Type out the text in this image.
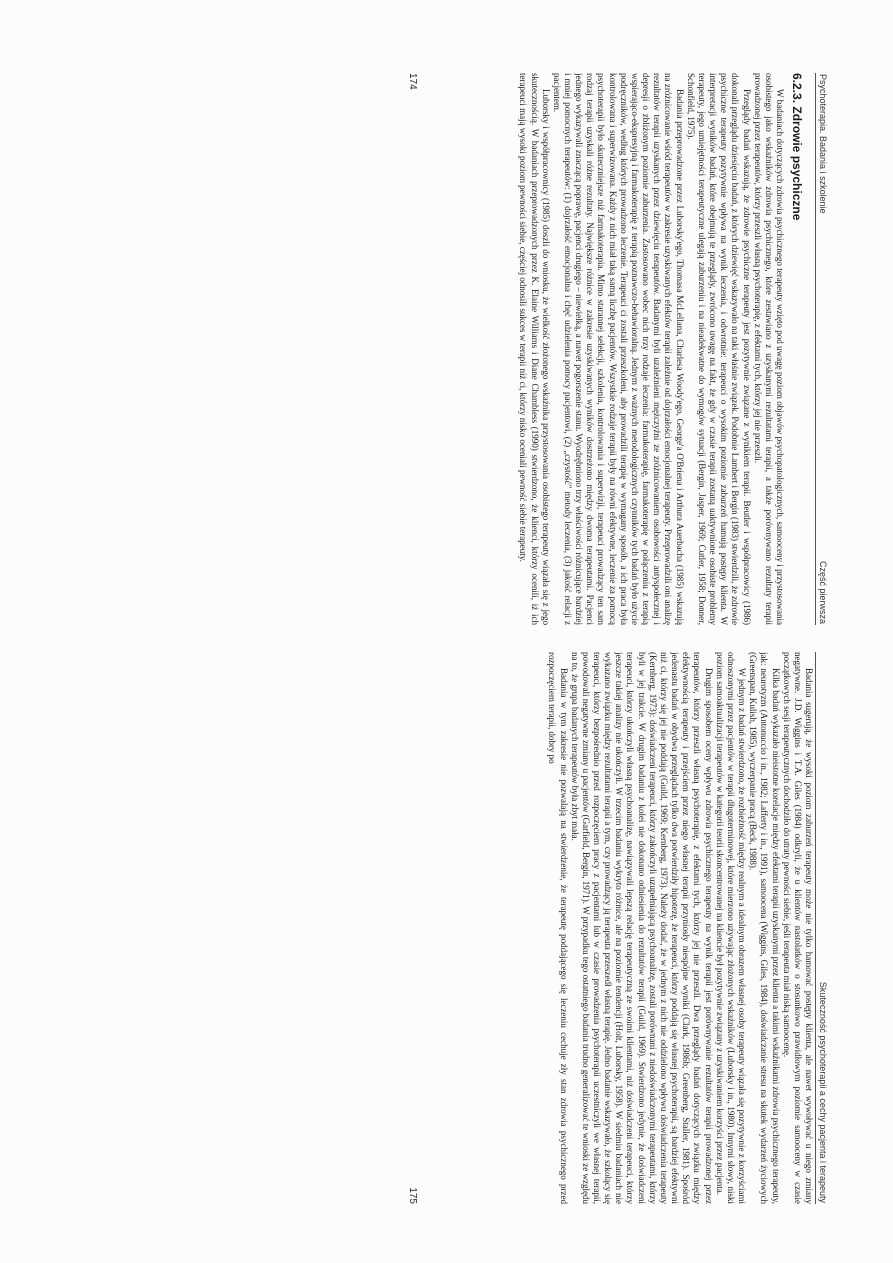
Psychoterapia. Badania i szkolenie
Część pierwsza
6.2.3. Zdrowie psychiczne

W badaniach dotyczących zdrowia psychicznego terapeuty wzięto pod uwagę poziom objawów psychopatologicznych, samooceny i przystosowania osobistego jako wskaźników zdrowia psychicznego, które zestawiano z uzyskanymi rezultatami terapii, a także porównywano rezultaty terapii prowadzonej przez terapeutów, którzy przeszli własną psychoterapię, z efektami tych, którzy jej nie przeszli.

Przeglądy badań wskazują, że zdrowie psychiczne terapeuty jest pozytywnie związane z wynikiem terapii. Beutler i współpracowicy (1986) dokonali przeglądu dziesięciu badań, z których dziewięć wskazywało na taki właśnie związek. Podobnie Lambert i Bergin (1983) stwierdzili, że zdrowie psychiczne terapeuty pozytywnie wpływa na wynik leczenia, i odwrotnie: terapeuci o wysokim poziomie zaburzeń hamują postępy klienta. W interpretacji wyników badań, które obejmują te przeglądy, zwrócono uwagę na fakt, że gdy w czasie terapii zostaną uaktywnione osobiste problemy terapeuty, jego umiejętności terapeutyczne ulegają zaburzeniu i na nieadekwatne do wymogów sytuacji (Bergin, Jasper, 1969; Cutler, 1958; Donner, Schonfield, 1975).

Badania przeprowadzone przez Luborsky'ego, Thomasa McLellana, Charlesa Woody'ego, George'a O'Briena i Arthura Auerbacha (1985) wskazują na zróżnicowanie wśród terapeutów w zakresie uzyskiwanych efektów terapii zależnie od dojrzałości emocjonalnej terapeuty. Przeprowadzili oni analizę rezultatów terapii uzyskanych przez dziewięciu terapeutów. Badanymi byli uzależnieni mężczyźni ze zróżnicowaniem osobowości antyspołecznej i depresji o zbliżonym poziomie zaburzenia. Zastosowano wobec nich trzy rodzaje leczenia: farmakoterapię, farmakoterapię w połączeniu z terapią wspierająco-ekspresyjną i farmakoterapię z terapią poznawczo-behawioralną. Jednym z ważnych metodologicznych czynników tych badań było użycie podręczników, według których prowadzono leczenie. Terapeuci ci zostali przeszkoleni, aby prowadzili terapię w wymagany sposób, a ich praca była kontrolowana i superwizowana. Każdy z nich miał taką samą liczbę pacjentów. Wszystkie rodzaje terapii były na równi efektywne, leczenie za pomocą psychoterapii było skuteczniejsze niż farmakoterapia. Mimo starannej selekcji, szkolenia, kontrolowania i superwizji, terapeuci prowadzący ten sam rodzaj terapii uzyskali różne rezultaty. Największe różnice w zakresie uzyskiwanych wyników dostrzeżono między dwoma terapeutami. Pacjenci jednego wykazywali znaczącą poprawę, pacjenci drugiego – niewielką, a nawet pogorszenie stanu. Wyodrębniono trzy właściwości różnicujące bardziej i mniej pomocnych terapeutów: (1) dojrzałość emocjonalna i chęć udzielenia pomocy pacjentowi, (2) „czystość" metody leczenia, (3) jakość relacji z pacjentem.

Luborsky i współpracownicy (1985) doszli do wniosku, że wielkość złożonego wskaźnika przystosowania osobistego terapeuty wiązała się z jego skutecznością. W badaniach przeprowadzonych przez K. Elaine Williams i Diane Chambless (1990) stwierdzono, że klienci, którzy ocenili, iż ich terapeuci mają wysoki poziom pewności siebie, częściej odnosili sukces w terapii niż ci, którzy nisko oceniali pewność siebie terapeuty.

174
Skuteczność psychoterapii a cechy pacjenta i terapeuty

Badania sugerują, że wysoki poziom zaburzeń terapeuty może nie tylko hamować postępy klienta, ale nawet wywoływać u niego zmiany negatywne. J.D. Wiggins i T.A. Giles (1984) odkryli, że u klientów nastolatków o stosunkowo prawidłowym poziomie samooceny w czasie początkowych sesji terapeutycznych dochodziło do utraty pewności siebie, jeśli terapeuta miał niską samoocenę.

Kilka badań wykazało nieistotne korelacje między efektami terapii uzyskanymi przez klienta a takimi wskaźnikami zdrowia psychicznego terapeuty, jak: neurotyzm (Antonuccio i in., 1982; Lafferty i in., 1991), samoocena (Wiggins, Giles, 1984), doświadczanie stresu na skutek wydarzeń życiowych (Greenspan, Kulish, 1985), wyczerpanie pracą (Beck, 1988).

W jednym z badań stwierdzono, że rozbieżność między realnym a idealnym obrazem własnej osoby terapeuty wiązała się pozytywnie z korzyściami odnoszonymi przez pacjentów w terapii długoterminowej, które mierzono używając złożonych wskaźników (Luborsky i in., 1980). Innymi słowy, niski poziom samoaktualizacji terapeutów w kategorii teorii skoncentrowanej na kliencie był pozytywnie związany z uzyskiwaniem korzyści przez pacjenta.

Drugim sposobem oceny wpływu zdrowia psychicznego terapeuty na wynik terapii jest porównywanie rezultatów terapii prowadzonej przez terapeutów, którzy przeszli własną psychoterapię, z efektami tych, którzy jej nie przeszli. Dwa przeglądy badań dotyczących związku między efektywnością terapeuty i przejściem przez niego własnej terapii przyniosły niespójne wyniki (Clark, 1986b; Greenberg, Staller, 1981). Spośród jedenastu badań w obydwu przeglądach tylko dwa potwierdziły hipotezę, że terapeuci, którzy poddają się własnej psychoterapii, są bardziej efektywni niż ci, którzy się jej nie poddają (Guild, 1969; Kernberg, 1973). Należy dodać, że w jednym z nich nie oddzielono wpływu doświadczenia terapeuty (Kernberg, 1973): doświadczeni terapeuci, którzy zakończyli uzupełniającą psychoanalizę, zostali porównani z niedoświadczonymi terapeutami, którzy byli w jej trakcie. W drugim badaniu z kolei nie dokonano odniesienia do rezultatów terapii (Guild, 1969). Stwierdzono jedynie, że doświadczeni terapeuci, którzy ukończyli własną psychoanalizę, nawiązywali lepszą relację terapeutyczną ze swoimi klientami, niż doświadczeni terapeuci, którzy jeszcze takiej analizy nie ukończyli. W trzecim badaniu wykryto różnice, ale na poziomie tendencji (Holt, Luborsky, 1958). W siedmiu badaniach nie wykazano związku między rezultatami terapii a tym, czy prowadzący ją terapeuta przeszedł własną terapię. Jedno badanie wskazywało, że szkolący się terapeuci, którzy bezpośrednio przed rozpoczęciem pracy z pacjentami lub w czasie prowadzenia psychoterapii uczestniczyli we własnej terapii, powodowali negatywne zmiany u pacjentów (Garfield, Bergin, 1971). W przypadku tego ostatniego badania trudno generalizować te wnioski ze względu na to, że grupa badanych terapeutów była zbyt mała.

Badania w tym zakresie nie pozwalają na stwierdzenie, że terapeutę poddającego się leczeniu cechuje zły stan zdrowia psychicznego przed rozpoczęciem terapii, dobry po

175
